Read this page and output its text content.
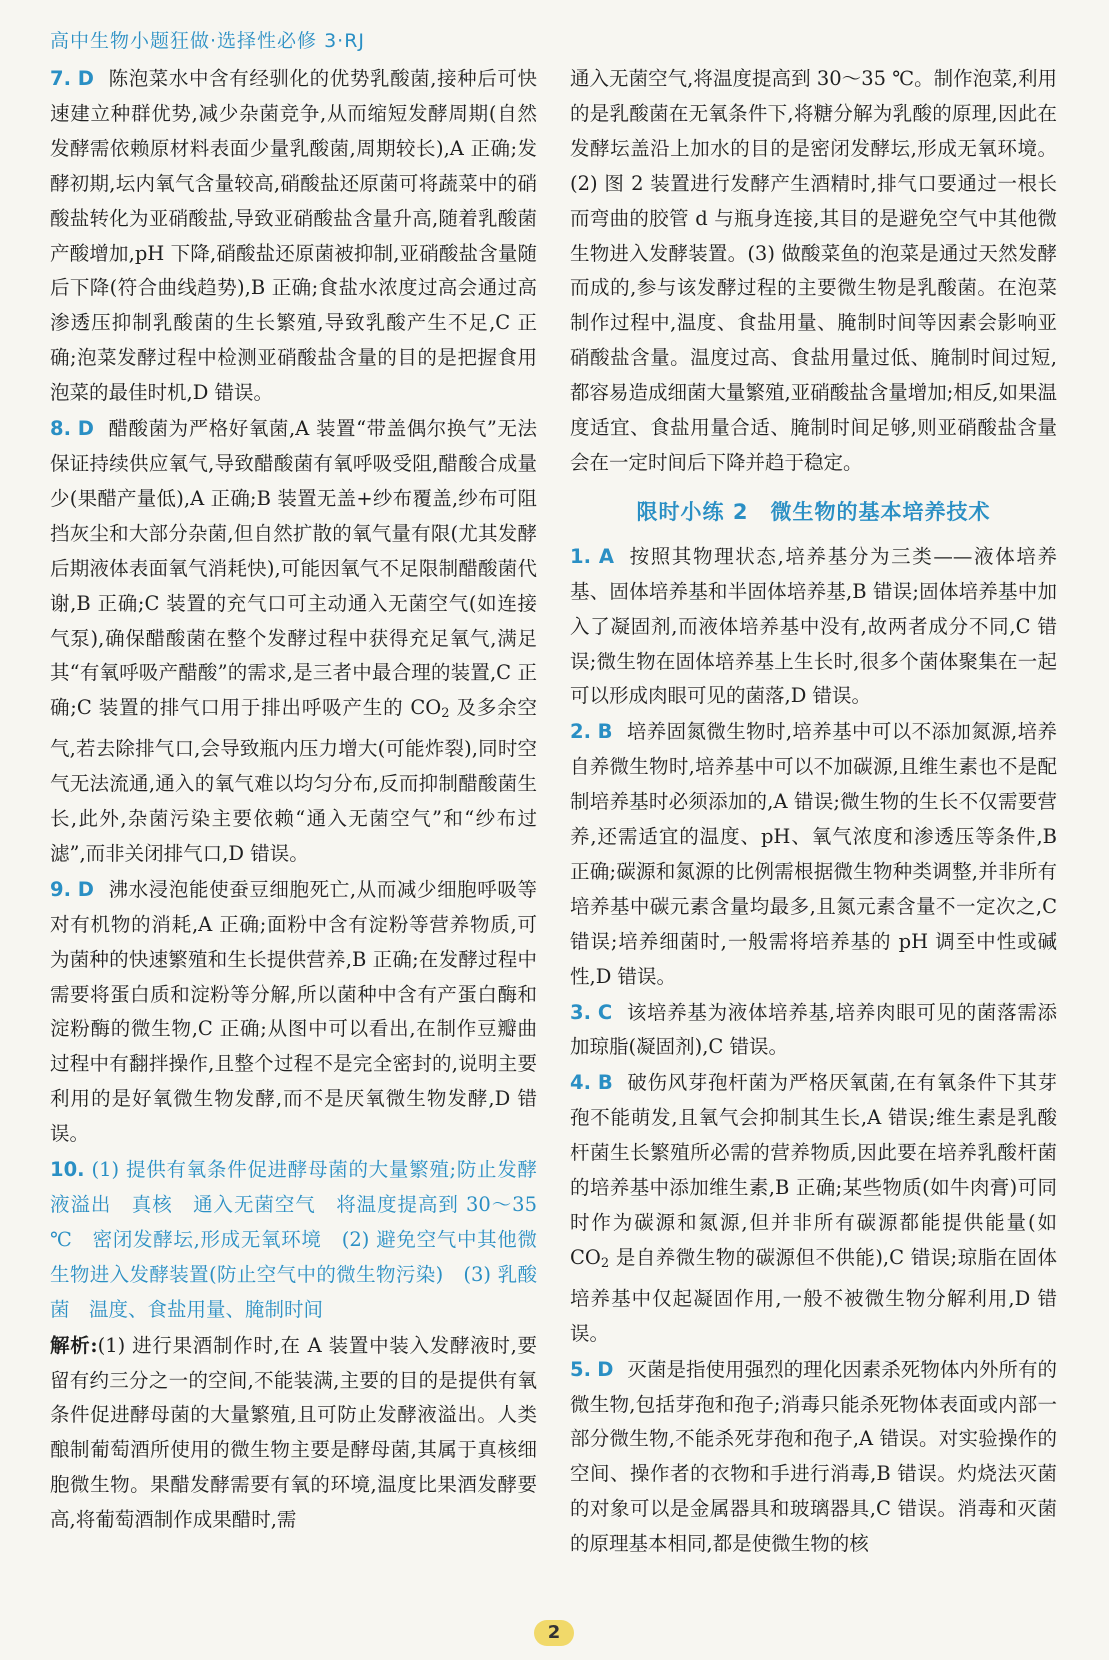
高中生物小题狂做·选择性必修 3·RJ

7. D 陈泡菜水中含有经驯化的优势乳酸菌,接种后可快速建立种群优势,减少杂菌竞争,从而缩短发酵周期(自然发酵需依赖原材料表面少量乳酸菌,周期较长),A 正确;发酵初期,坛内氧气含量较高,硝酸盐还原菌可将蔬菜中的硝酸盐转化为亚硝酸盐,导致亚硝酸盐含量升高,随着乳酸菌产酸增加,pH 下降,硝酸盐还原菌被抑制,亚硝酸盐含量随后下降(符合曲线趋势),B 正确;食盐水浓度过高会通过高渗透压抑制乳酸菌的生长繁殖,导致乳酸产生不足,C 正确;泡菜发酵过程中检测亚硝酸盐含量的目的是把握食用泡菜的最佳时机,D 错误。

8. D 醋酸菌为严格好氧菌,A 装置“带盖偶尔换气”无法保证持续供应氧气,导致醋酸菌有氧呼吸受阻,醋酸合成量少(果醋产量低),A 正确;B 装置无盖+纱布覆盖,纱布可阻挡灰尘和大部分杂菌,但自然扩散的氧气量有限(尤其发酵后期液体表面氧气消耗快),可能因氧气不足限制醋酸菌代谢,B 正确;C 装置的充气口可主动通入无菌空气(如连接气泵),确保醋酸菌在整个发酵过程中获得充足氧气,满足其“有氧呼吸产醋酸”的需求,是三者中最合理的装置,C 正确;C 装置的排气口用于排出呼吸产生的 $CO_2$ 及多余空气,若去除排气口,会导致瓶内压力增大(可能炸裂),同时空气无法流通,通入的氧气难以均匀分布,反而抑制醋酸菌生长,此外,杂菌污染主要依赖“通入无菌空气”和“纱布过滤”,而非关闭排气口,D 错误。

9. D 沸水浸泡能使蚕豆细胞死亡,从而减少细胞呼吸等对有机物的消耗,A 正确;面粉中含有淀粉等营养物质,可为菌种的快速繁殖和生长提供营养,B 正确;在发酵过程中需要将蛋白质和淀粉等分解,所以菌种中含有产蛋白酶和淀粉酶的微生物,C 正确;从图中可以看出,在制作豆瓣曲过程中有翻拌操作,且整个过程不是完全密封的,说明主要利用的是好氧微生物发酵,而不是厌氧微生物发酵,D 错误。

10. (1) 提供有氧条件促进酵母菌的大量繁殖;防止发酵液溢出　真核　通入无菌空气　将温度提高到 30～35 ℃　密闭发酵坛,形成无氧环境　(2) 避免空气中其他微生物进入发酵装置(防止空气中的微生物污染)　(3) 乳酸菌　温度、食盐用量、腌制时间

解析:(1) 进行果酒制作时,在 A 装置中装入发酵液时,要留有约三分之一的空间,不能装满,主要的目的是提供有氧条件促进酵母菌的大量繁殖,且可防止发酵液溢出。人类酿制葡萄酒所使用的微生物主要是酵母菌,其属于真核细胞微生物。果醋发酵需要有氧的环境,温度比果酒发酵要高,将葡萄酒制作成果醋时,需

通入无菌空气,将温度提高到 30～35 ℃。制作泡菜,利用的是乳酸菌在无氧条件下,将糖分解为乳酸的原理,因此在发酵坛盖沿上加水的目的是密闭发酵坛,形成无氧环境。(2) 图 2 装置进行发酵产生酒精时,排气口要通过一根长而弯曲的胶管 d 与瓶身连接,其目的是避免空气中其他微生物进入发酵装置。(3) 做酸菜鱼的泡菜是通过天然发酵而成的,参与该发酵过程的主要微生物是乳酸菌。在泡菜制作过程中,温度、食盐用量、腌制时间等因素会影响亚硝酸盐含量。温度过高、食盐用量过低、腌制时间过短,都容易造成细菌大量繁殖,亚硝酸盐含量增加;相反,如果温度适宜、食盐用量合适、腌制时间足够,则亚硝酸盐含量会在一定时间后下降并趋于稳定。

限时小练 2　微生物的基本培养技术

1. A 按照其物理状态,培养基分为三类——液体培养基、固体培养基和半固体培养基,B 错误;固体培养基中加入了凝固剂,而液体培养基中没有,故两者成分不同,C 错误;微生物在固体培养基上生长时,很多个菌体聚集在一起可以形成肉眼可见的菌落,D 错误。

2. B 培养固氮微生物时,培养基中可以不添加氮源,培养自养微生物时,培养基中可以不加碳源,且维生素也不是配制培养基时必须添加的,A 错误;微生物的生长不仅需要营养,还需适宜的温度、pH、氧气浓度和渗透压等条件,B 正确;碳源和氮源的比例需根据微生物种类调整,并非所有培养基中碳元素含量均最多,且氮元素含量不一定次之,C 错误;培养细菌时,一般需将培养基的 pH 调至中性或碱性,D 错误。

3. C 该培养基为液体培养基,培养肉眼可见的菌落需添加琼脂(凝固剂),C 错误。

4. B 破伤风芽孢杆菌为严格厌氧菌,在有氧条件下其芽孢不能萌发,且氧气会抑制其生长,A 错误;维生素是乳酸杆菌生长繁殖所必需的营养物质,因此要在培养乳酸杆菌的培养基中添加维生素,B 正确;某些物质(如牛肉膏)可同时作为碳源和氮源,但并非所有碳源都能提供能量(如 $CO_2$ 是自养微生物的碳源但不供能),C 错误;琼脂在固体培养基中仅起凝固作用,一般不被微生物分解利用,D 错误。

5. D 灭菌是指使用强烈的理化因素杀死物体内外所有的微生物,包括芽孢和孢子;消毒只能杀死物体表面或内部一部分微生物,不能杀死芽孢和孢子,A 错误。对实验操作的空间、操作者的衣物和手进行消毒,B 错误。灼烧法灭菌的对象可以是金属器具和玻璃器具,C 错误。消毒和灭菌的原理基本相同,都是使微生物的核

2
